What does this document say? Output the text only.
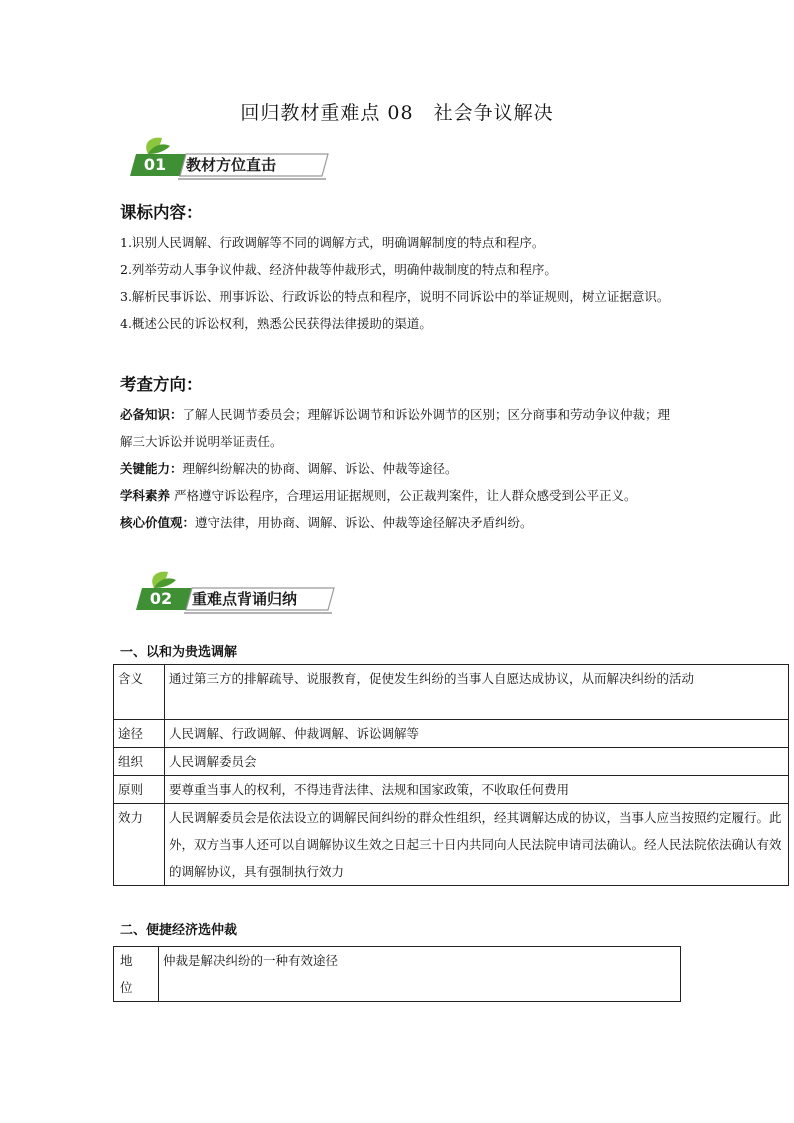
回归教材重难点 08　社会争议解决
01	教材方位直击
课标内容：
1.识别人民调解、行政调解等不同的调解方式，明确调解制度的特点和程序。
2.列举劳动人事争议仲裁、经济仲裁等仲裁形式，明确仲裁制度的特点和程序。
3.解析民事诉讼、刑事诉讼、行政诉讼的特点和程序，说明不同诉讼中的举证规则，树立证据意识。
4.概述公民的诉讼权利，熟悉公民获得法律援助的渠道。
考查方向：
必备知识：了解人民调节委员会；理解诉讼调节和诉讼外调节的区别；区分商事和劳动争议仲裁；理解三大诉讼并说明举证责任。
关键能力：理解纠纷解决的协商、调解、诉讼、仲裁等途径。
学科素养 严格遵守诉讼程序，合理运用证据规则，公正裁判案件，让人群众感受到公平正义。
核心价值观：遵守法律，用协商、调解、诉讼、仲裁等途径解决矛盾纠纷。
02	重难点背诵归纳
一、以和为贵选调解
含义	通过第三方的排解疏导、说服教育，促使发生纠纷的当事人自愿达成协议，从而解决纠纷的活动
途径	人民调解、行政调解、仲裁调解、诉讼调解等
组织	人民调解委员会
原则	要尊重当事人的权利，不得违背法律、法规和国家政策，不收取任何费用
效力	人民调解委员会是依法设立的调解民间纠纷的群众性组织，经其调解达成的协议，当事人应当按照约定履行。此外，双方当事人还可以自调解协议生效之日起三十日内共同向人民法院申请司法确认。经人民法院依法确认有效的调解协议，具有强制执行效力
二、便捷经济选仲裁
地位	仲裁是解决纠纷的一种有效途径
